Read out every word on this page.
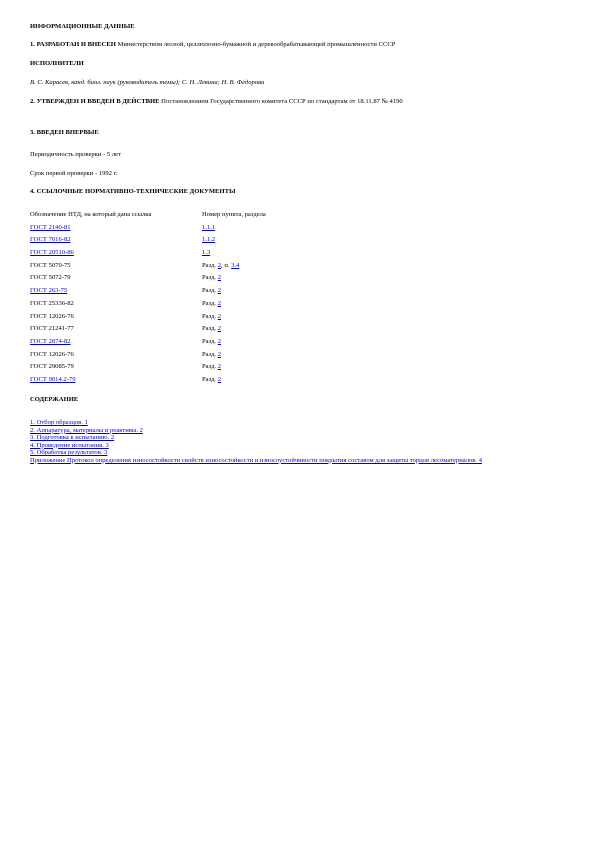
ИНФОРМАЦИОННЫЕ ДАННЫЕ
1. РАЗРАБОТАН И ВНЕСЕН Министерством лесной, целлюлозно-бумажной и деревообрабатывающей промышленности СССР
ИСПОЛНИТЕЛИ
В. С. Карасев, канд. биол. наук (руководитель темы); С. Н. Левина; Н. В. Федорова
2. УТВЕРЖДЕН И ВВЕДЕН В ДЕЙСТВИЕ Постановлением Государственного комитета СССР по стандартам от 18.11.87 № 4190
3. ВВЕДЕН ВПЕРВЫЕ
Периодичность проверки - 5 лет
Срок первой проверки - 1992 г.
4. ССЫЛОЧНЫЕ НОРМАТИВНО-ТЕХНИЧЕСКИЕ ДОКУМЕНТЫ
Обозначение НТД, на который дана ссылка	Номер пункта, раздела
ГОСТ 2140-81	1.1.1
ГОСТ 7016-82	1.1.2
ГОСТ 20510-86	1.3
ГОСТ 5070-75	Разд. 2, п. 3.4
ГОСТ 5072-79	Разд. 2
ГОСТ 263-75	Разд. 2
ГОСТ 25336-82	Разд. 2
ГОСТ 12026-76	Разд. 2
ГОСТ 21241-77	Разд. 2
ГОСТ 2874-82	Разд. 2
ГОСТ 12026-76	Разд. 2
ГОСТ 29085-79	Разд. 2
ГОСТ 9014.2-79	Разд. 2
СОДЕРЖАНИЕ
1. Отбор образцов. 1
2. Аппаратура, материалы и реактивы. 2
3. Подготовка к испытанию. 2
4. Проведение испытания. 3
5. Обработка результатов. 3
Приложение Протокол определения износостойкости свойств износостойкости и износоустойчивости покрытия составом для защиты торцов лесоматериалов. 4
